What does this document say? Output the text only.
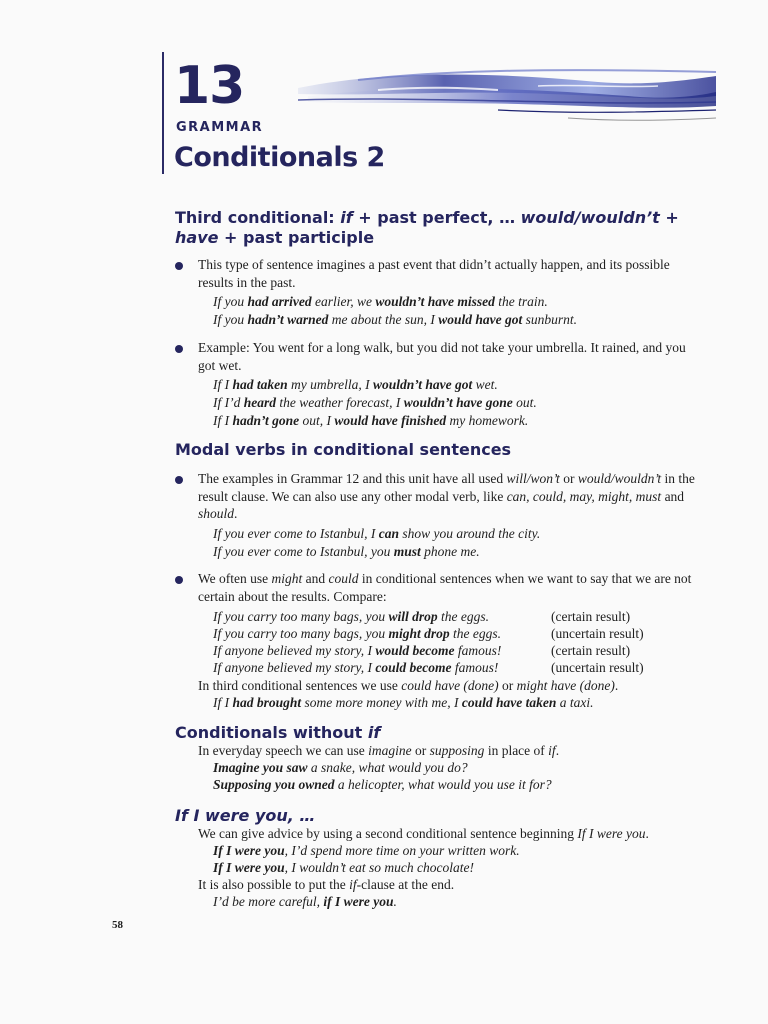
13
GRAMMAR
Conditionals 2
Third conditional: if + past perfect, … would/wouldn’t + have + past participle

This type of sentence imagines a past event that didn’t actually happen, and its possible results in the past.

If you had arrived earlier, we wouldn’t have missed the train.

If you hadn’t warned me about the sun, I would have got sunburnt.

Example: You went for a long walk, but you did not take your umbrella. It rained, and you got wet.

If I had taken my umbrella, I wouldn’t have got wet.

If I’d heard the weather forecast, I wouldn’t have gone out.

If I hadn’t gone out, I would have finished my homework.

Modal verbs in conditional sentences

The examples in Grammar 12 and this unit have all used will/won’t or would/wouldn’t in the result clause. We can also use any other modal verb, like can, could, may, might, must and should.

If you ever come to Istanbul, I can show you around the city.

If you ever come to Istanbul, you must phone me.

We often use might and could in conditional sentences when we want to say that we are not certain about the results. Compare:

If you carry too many bags, you will drop the eggs.	(certain result)

If you carry too many bags, you might drop the eggs.	(uncertain result)

If anyone believed my story, I would become famous!	(certain result)

If anyone believed my story, I could become famous!	(uncertain result)

In third conditional sentences we use could have (done) or might have (done).

If I had brought some more money with me, I could have taken a taxi.

Conditionals without if

In everyday speech we can use imagine or supposing in place of if.

Imagine you saw a snake, what would you do?

Supposing you owned a helicopter, what would you use it for?

If I were you, …

We can give advice by using a second conditional sentence beginning If I were you.

If I were you, I’d spend more time on your written work.

If I were you, I wouldn’t eat so much chocolate!

It is also possible to put the if-clause at the end.

I’d be more careful, if I were you.

58
